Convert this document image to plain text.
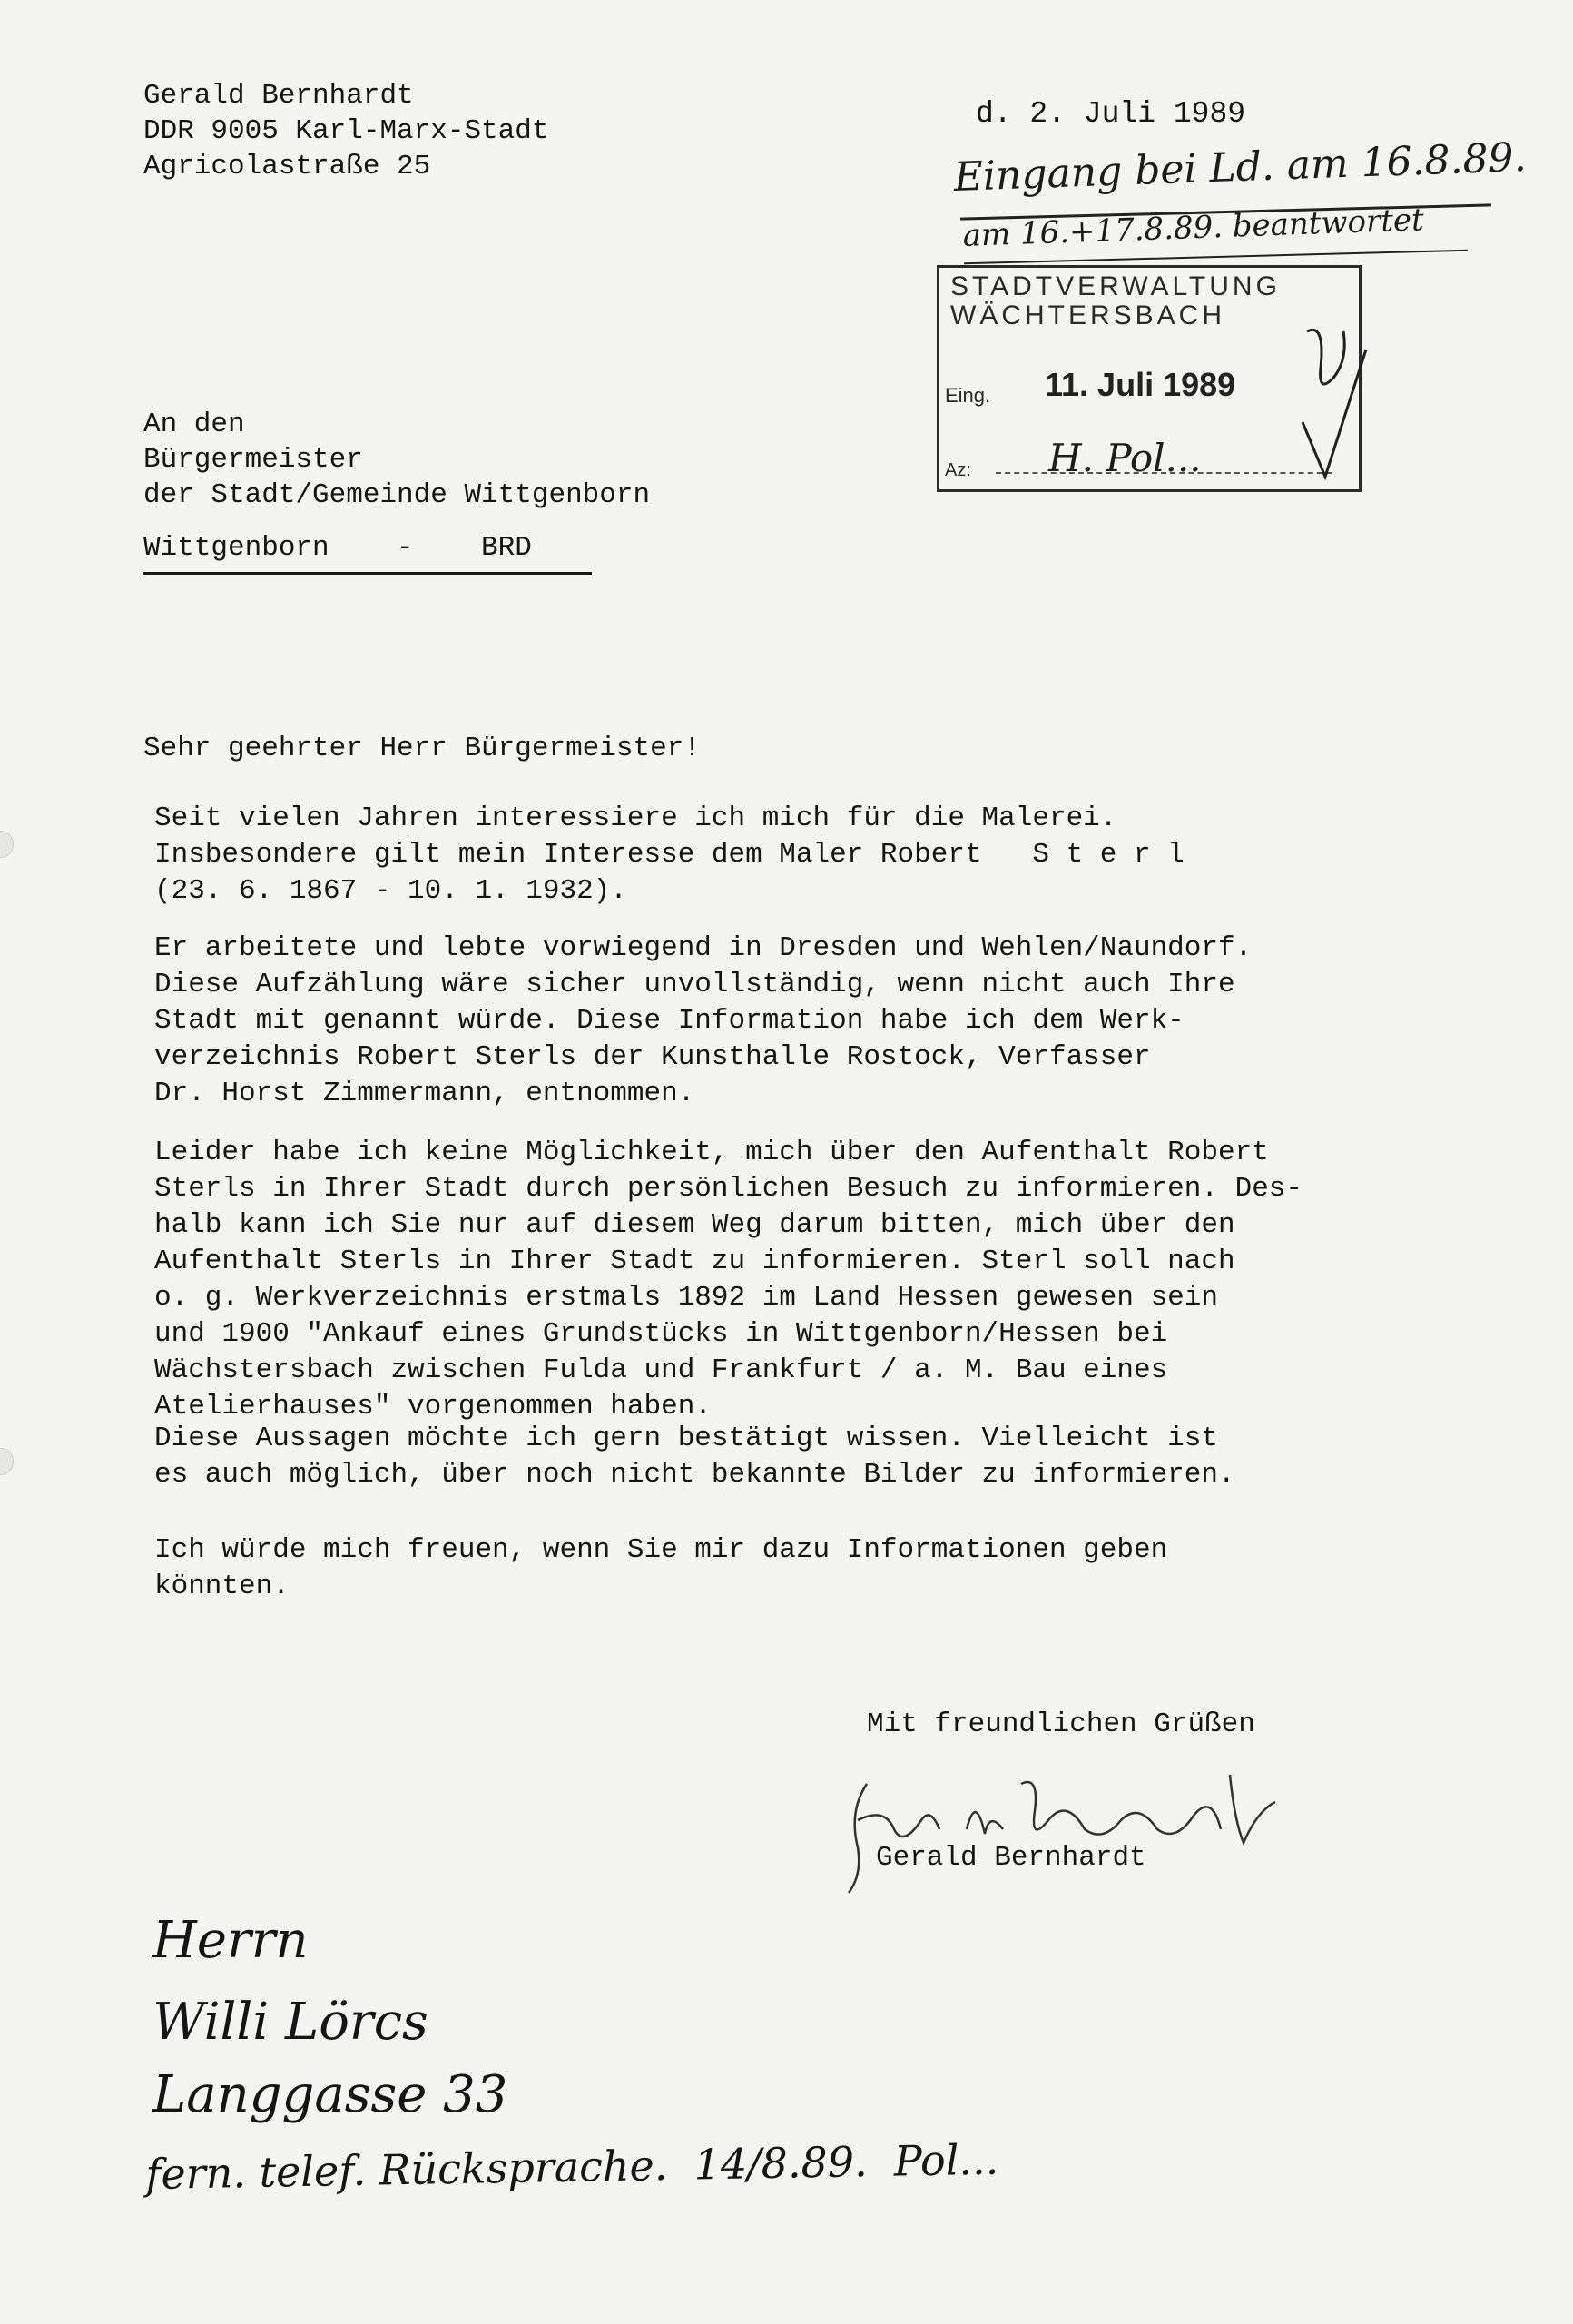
Gerald Bernhardt
DDR 9005 Karl-Marx-Stadt
Agricolastraße 25
d. 2. Juli 1989
Eingang bei Ld. am 16.8.89.
am 16.+17.8.89. beantwortet
STADTVERWALTUNG
WÄCHTERSBACH
Eing. 11. Juli 1989
Az: H. Pol...
An den
Bürgermeister
der Stadt/Gemeinde Wittgenborn
Wittgenborn    -    BRD
Sehr geehrter Herr Bürgermeister!
Seit vielen Jahren interessiere ich mich für die Malerei.
Insbesondere gilt mein Interesse dem Maler Robert   S t e r l
(23. 6. 1867 - 10. 1. 1932).
Er arbeitete und lebte vorwiegend in Dresden und Wehlen/Naundorf.
Diese Aufzählung wäre sicher unvollständig, wenn nicht auch Ihre
Stadt mit genannt würde. Diese Information habe ich dem Werk-
verzeichnis Robert Sterls der Kunsthalle Rostock, Verfasser
Dr. Horst Zimmermann, entnommen.
Leider habe ich keine Möglichkeit, mich über den Aufenthalt Robert
Sterls in Ihrer Stadt durch persönlichen Besuch zu informieren. Des-
halb kann ich Sie nur auf diesem Weg darum bitten, mich über den
Aufenthalt Sterls in Ihrer Stadt zu informieren. Sterl soll nach
o. g. Werkverzeichnis erstmals 1892 im Land Hessen gewesen sein
und 1900 "Ankauf eines Grundstücks in Wittgenborn/Hessen bei
Wächstersbach zwischen Fulda und Frankfurt / a. M. Bau eines
Atelierhauses" vorgenommen haben.
Diese Aussagen möchte ich gern bestätigt wissen. Vielleicht ist
es auch möglich, über noch nicht bekannte Bilder zu informieren.
Ich würde mich freuen, wenn Sie mir dazu Informationen geben
könnten.
Mit freundlichen Grüßen
Gerald Bernhardt
Herrn
Willi Lörcs
Langgasse 33
fern. telef. Rücksprache.  14/8.89.  Pol...
